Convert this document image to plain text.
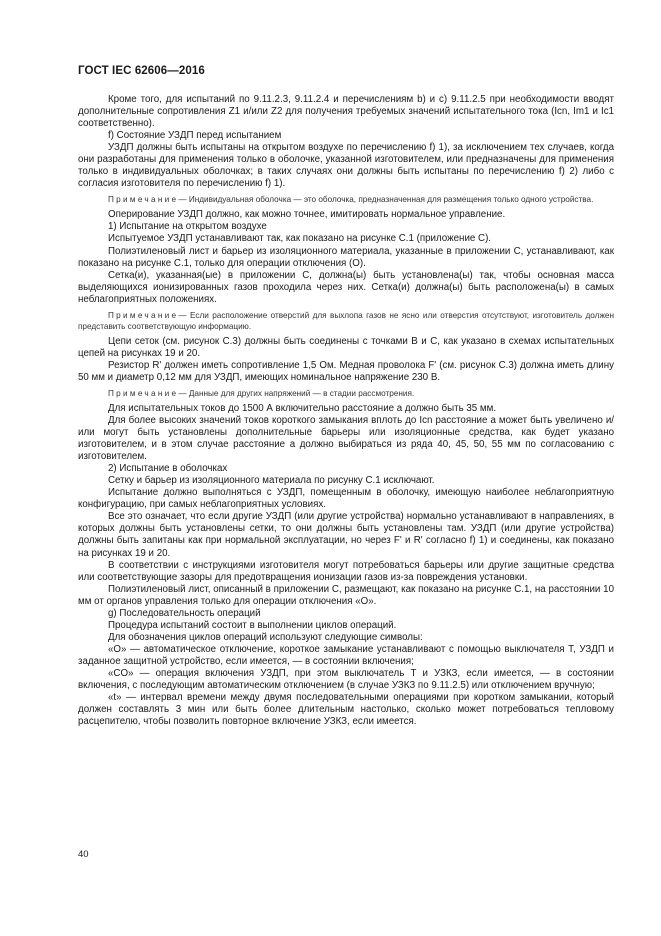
ГОСТ IEC 62606—2016

Кроме того, для испытаний по 9.11.2.3, 9.11.2.4 и перечислениям b) и c) 9.11.2.5 при необходимости вводят дополнительные сопротивления Z1 и/или Z2 для получения требуемых значений испытательного тока (Icn, Im1 и Ic1 соответственно).

f) Состояние УЗДП перед испытанием

УЗДП должны быть испытаны на открытом воздухе по перечислению f) 1), за исключением тех случаев, когда они разработаны для применения только в оболочке, указанной изготовителем, или предназначены для применения только в индивидуальных оболочках; в таких случаях они должны быть испытаны по перечислению f) 2) либо с согласия изготовителя по перечислению f) 1).

Примечание— Индивидуальная оболочка — это оболочка, предназначенная для размещения только одного устройства.

Оперирование УЗДП должно, как можно точнее, имитировать нормальное управление.

1) Испытание на открытом воздухе

Испытуемое УЗДП устанавливают так, как показано на рисунке С.1 (приложение С).

Полиэтиленовый лист и барьер из изоляционного материала, указанные в приложении С, устанавливают, как показано на рисунке С.1, только для операции отключения (О).

Сетка(и), указанная(ые) в приложении С, должна(ы) быть установлена(ы) так, чтобы основная масса выделяющихся ионизированных газов проходила через них. Сетка(и) должна(ы) быть расположена(ы) в самых неблагоприятных положениях.

Примечание— Если расположение отверстий для выхлопа газов не ясно или отверстия отсутствуют, изготовитель должен представить соответствующую информацию.

Цепи сеток (см. рисунок С.3) должны быть соединены с точками B и C, как указано в схемах испытательных цепей на рисунках 19 и 20.

Резистор R' должен иметь сопротивление 1,5 Ом. Медная проволока F' (см. рисунок С.3) должна иметь длину 50 мм и диаметр 0,12 мм для УЗДП, имеющих номинальное напряжение 230 В.

Примечание— Данные для других напряжений — в стадии рассмотрения.

Для испытательных токов до 1500 А включительно расстояние a должно быть 35 мм.

Для более высоких значений токов короткого замыкания вплоть до Icn расстояние a может быть увеличено и/или могут быть установлены дополнительные барьеры или изоляционные средства, как будет указано изготовителем, и в этом случае расстояние a должно выбираться из ряда 40, 45, 50, 55 мм по согласованию с изготовителем.

2) Испытание в оболочках

Сетку и барьер из изоляционного материала по рисунку С.1 исключают.

Испытание должно выполняться с УЗДП, помещенным в оболочку, имеющую наиболее неблагоприятную конфигурацию, при самых неблагоприятных условиях.

Все это означает, что если другие УЗДП (или другие устройства) нормально устанавливают в направлениях, в которых должны быть установлены сетки, то они должны быть установлены там. УЗДП (или другие устройства) должны быть запитаны как при нормальной эксплуатации, но через F' и R' согласно f) 1) и соединены, как показано на рисунках 19 и 20.

В соответствии с инструкциями изготовителя могут потребоваться барьеры или другие защитные средства или соответствующие зазоры для предотвращения ионизации газов из-за повреждения установки.

Полиэтиленовый лист, описанный в приложении С, размещают, как показано на рисунке С.1, на расстоянии 10 мм от органов управления только для операции отключения «О».

g) Последовательность операций

Процедура испытаний состоит в выполнении циклов операций.

Для обозначения циклов операций используют следующие символы:

«O» — автоматическое отключение, короткое замыкание устанавливают с помощью выключателя T, УЗДП и заданное защитной устройство, если имеется, — в состоянии включения;

«CO» — операция включения УЗДП, при этом выключатель T и УЗКЗ, если имеется, — в состоянии включения, с последующим автоматическим отключением (в случае УЗКЗ по 9.11.2.5) или отключением вручную;

«t» — интервал времени между двумя последовательными операциями при коротком замыкании, который должен составлять 3 мин или быть более длительным настолько, сколько может потребоваться тепловому расцепителю, чтобы позволить повторное включение УЗКЗ, если имеется.

40
